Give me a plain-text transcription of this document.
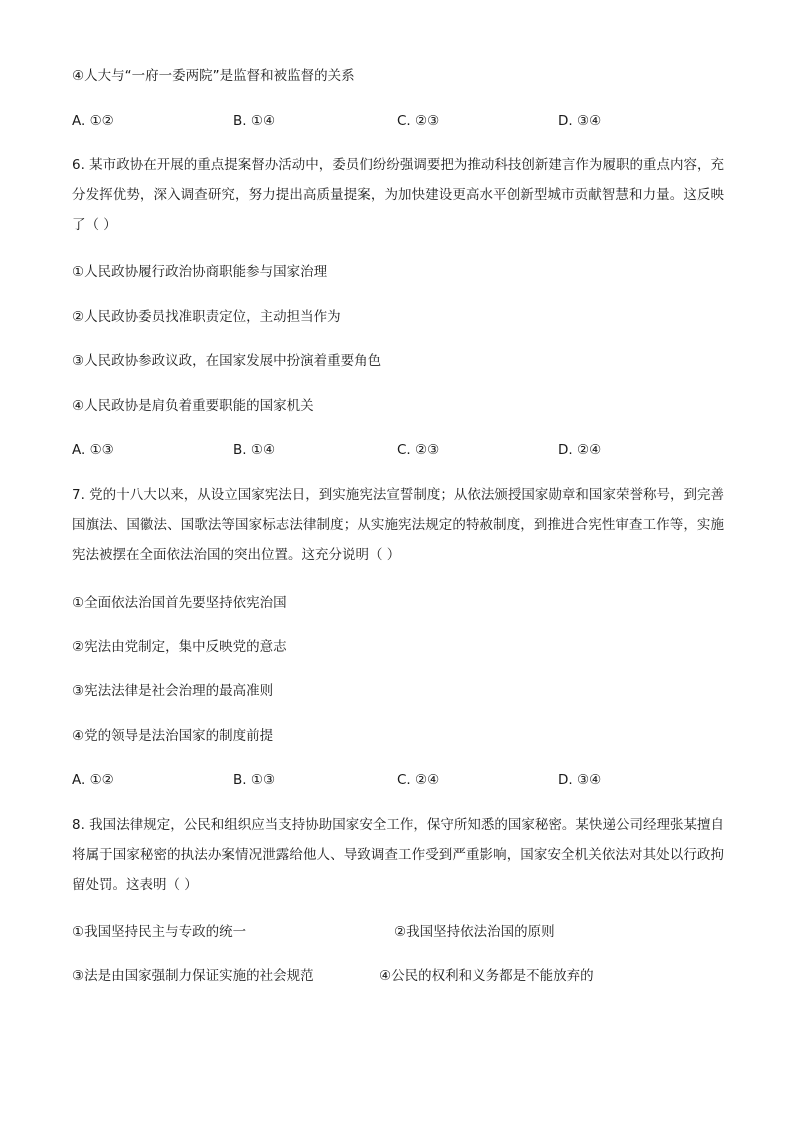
④人大与“一府一委两院”是监督和被监督的关系
A. ①②	B. ①④	C. ②③	D. ③④
6. 某市政协在开展的重点提案督办活动中，委员们纷纷强调要把为推动科技创新建言作为履职的重点内容，充分发挥优势，深入调查研究，努力提出高质量提案，为加快建设更高水平创新型城市贡献智慧和力量。这反映了（ ）
①人民政协履行政治协商职能参与国家治理
②人民政协委员找准职责定位，主动担当作为
③人民政协参政议政，在国家发展中扮演着重要角色
④人民政协是肩负着重要职能的国家机关
A. ①③	B. ①④	C. ②③	D. ②④
7. 党的十八大以来，从设立国家宪法日，到实施宪法宣誓制度；从依法颁授国家勋章和国家荣誉称号，到完善国旗法、国徽法、国歌法等国家标志法律制度；从实施宪法规定的特赦制度，到推进合宪性审查工作等，实施宪法被摆在全面依法治国的突出位置。这充分说明（ ）
①全面依法治国首先要坚持依宪治国
②宪法由党制定，集中反映党的意志
③宪法法律是社会治理的最高准则
④党的领导是法治国家的制度前提
A. ①②	B. ①③	C. ②④	D. ③④
8. 我国法律规定，公民和组织应当支持协助国家安全工作，保守所知悉的国家秘密。某快递公司经理张某擅自将属于国家秘密的执法办案情况泄露给他人、导致调查工作受到严重影响，国家安全机关依法对其处以行政拘留处罚。这表明（ ）
①我国坚持民主与专政的统一	②我国坚持依法治国的原则
③法是由国家强制力保证实施的社会规范	④公民的权利和义务都是不能放弃的
